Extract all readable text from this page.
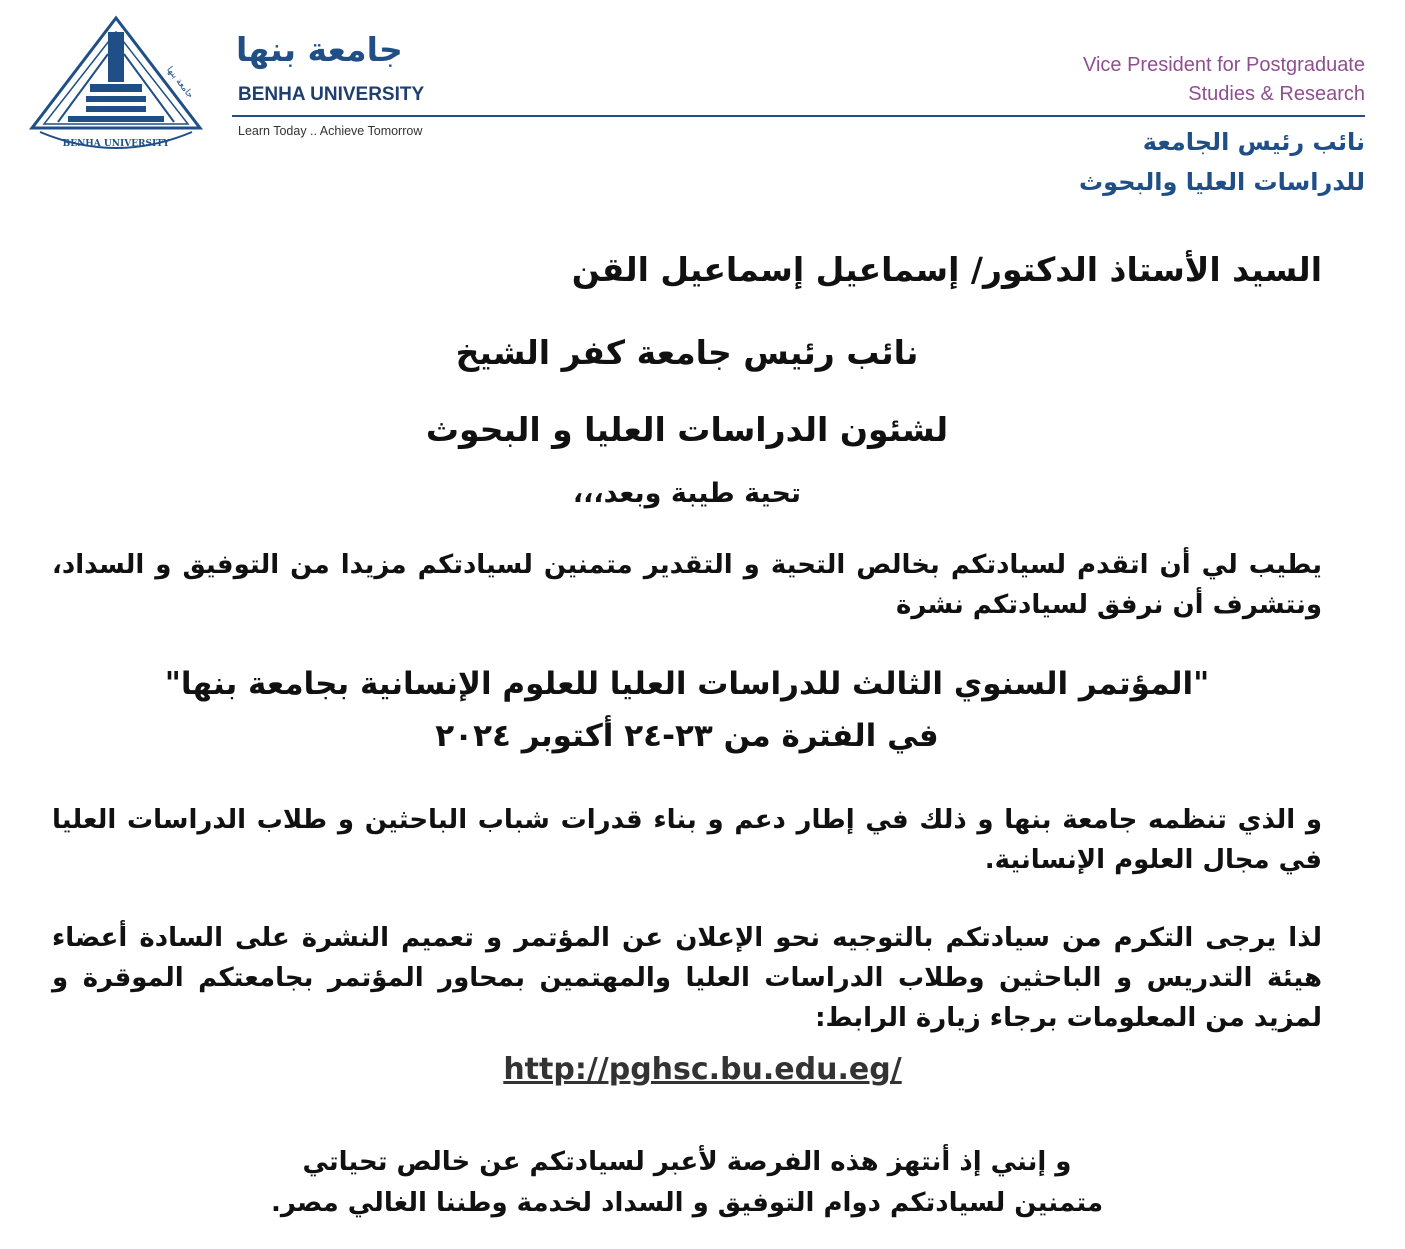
BENHA UNIVERSITY
جامعة بنها
جامعة بنها
BENHA UNIVERSITY
Learn Today .. Achieve Tomorrow
Vice President for Postgraduate
Studies & Research
نائب رئيس الجامعة
للدراسات العليا والبحوث
السيد الأستاذ الدكتور/ إسماعيل إسماعيل القن
نائب رئيس جامعة كفر الشيخ
لشئون الدراسات العليا و البحوث
تحية طيبة وبعد،،،
يطيب لي أن اتقدم لسيادتكم بخالص التحية و التقدير متمنين لسيادتكم مزيدا من التوفيق و السداد، ونتشرف أن نرفق لسيادتكم نشرة
"المؤتمر السنوي الثالث للدراسات العليا للعلوم الإنسانية بجامعة بنها"
في الفترة من ٢٣-٢٤ أكتوبر ٢٠٢٤
و الذي تنظمه جامعة بنها و ذلك في إطار دعم و بناء قدرات شباب الباحثين و طلاب الدراسات العليا في مجال العلوم الإنسانية.
لذا يرجى التكرم من سيادتكم بالتوجيه نحو الإعلان عن المؤتمر و تعميم النشرة على السادة أعضاء هيئة التدريس و الباحثين وطلاب الدراسات العليا والمهتمين بمحاور المؤتمر بجامعتكم الموقرة و لمزيد من المعلومات برجاء زيارة الرابط:
http://pghsc.bu.edu.eg/
و إنني إذ أنتهز هذه الفرصة لأعبر لسيادتكم عن خالص تحياتي
متمنين لسيادتكم دوام التوفيق و السداد لخدمة وطننا الغالي مصر.
